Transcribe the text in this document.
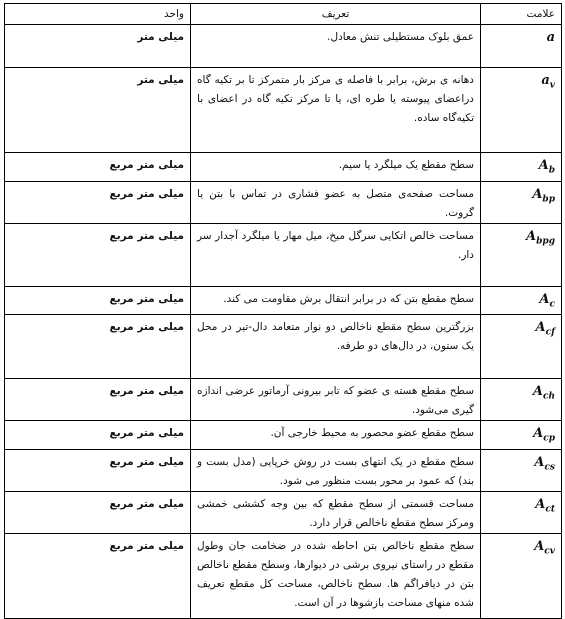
علامت	تعریف	واحد
a	عمق بلوک مستطیلی تنش معادل.	میلی متر
$a_v$	دهانه ی برش، برابر با فاصله ی مرکز بار متمرکز تا بر تکیه گاه دراعضای پیوسته یا طره ای، یا تا مرکز تکیه گاه در اعضای با تکیه‌گاه ساده.	میلی متر
$A_b$	سطح مقطع یک میلگرد یا سیم.	میلی متر مربع
$A_{bp}$	مساحت صفحه‌ی متصل به عضو فشاری در تماس با بتن یا گروت.	میلی متر مربع
$A_{bpg}$	مساحت خالص اتکایی سرگل میخ، میل مهار یا میلگرد آجدار سر دار.	میلی متر مربع
$A_c$	سطح مقطع بتن که در برابر انتقال برش مقاومت می کند.	میلی متر مربع
$A_{cf}$	بزرگترین سطح مقطع ناخالص دو نوار متعامد دال-تیر در محل یک ستون، در دال‌های دو طرفه.	میلی متر مربع
$A_{ch}$	سطح مقطع هسته ی عضو که تابر بیرونی آرماتور عرضی اندازه گیری می‌شود.	میلی متر مربع
$A_{cp}$	سطح مقطع عضو محصور به محیط خارجی آن.	میلی متر مربع
$A_{cs}$	سطح مقطع در یک انتهای بست در روش خرپایی (مدل بست و بند) که عمود بر محور بست منظور می شود.	میلی متر مربع
$A_{ct}$	مساحت قسمتی از سطح مقطع که بین وجه کششی خمشی ومرکز سطح مقطع ناخالص قرار دارد.	میلی متر مربع
$A_{cv}$	سطح مقطع ناخالص بتن احاطه شده در ضخامت جان وطول مقطع در راستای نیروی برشی در دیوارها، وسطح مقطع ناخالص بتن در دیافراگم ها. سطح ناخالص، مساحت کل مقطع تعریف شده منهای مساحت بازشوها در آن است.	میلی متر مربع
